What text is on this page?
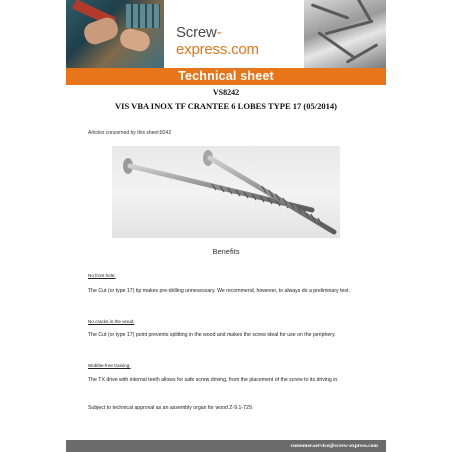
Screw-express.com
Technical sheet
VS8242
VIS VBA INOX TF CRANTEE 6 LOBES TYPE 17 (05/2014)
Articles concerned by this sheet:8242
Benefits
No front hole:
The Cut (or type 17) tip makes pre-drilling unnecessary. We recommend, however, to always do a preliminary test.
No cracks in the wood:
The Cut (or type 17) point prevents splitting in the wood and makes the screw ideal for use on the periphery.
Wobble-free training:
The TX drive with internal teeth allows for safe screw driving, from the placement of the screw to its driving in.
Subject to technical approval as an assembly organ for wood Z-9.1-729.
customer.service@screw-express.com
